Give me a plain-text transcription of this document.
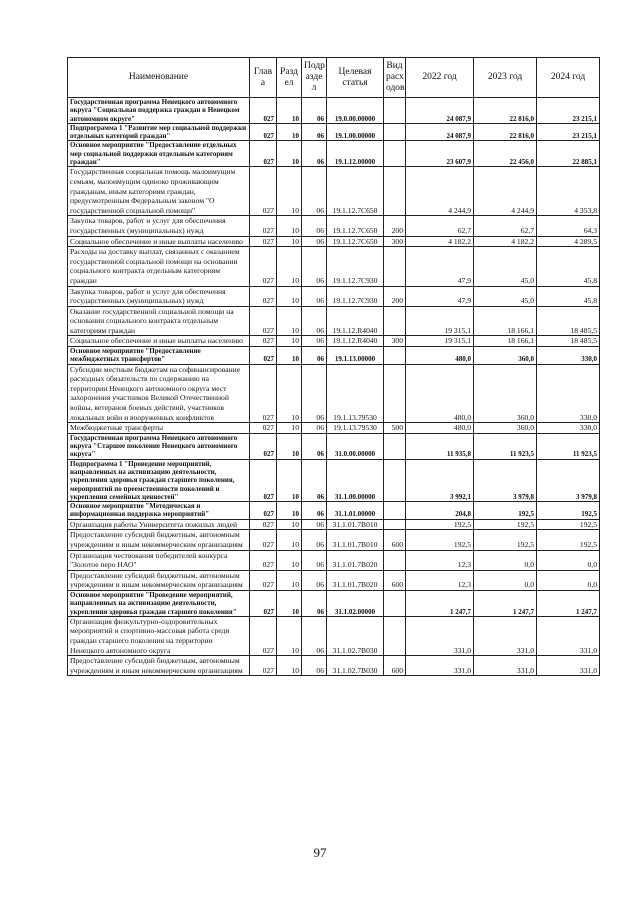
Наименование	Глав а	Разд ел	Подр азде л	Целевая статья	Вид расх одов	2022 год	2023 год	2024 год
Государственная программа Ненецкого автономного округа "Социальная поддержка граждан в Ненецком автономном округе"	027	10	06	19.0.00.00000		24 087,9	22 816,0	23 215,1
Подпрограмма 1 "Развитие мер социальной поддержки отдельных категорий граждан"	027	10	06	19.1.00.00000		24 087,9	22 816,0	23 215,1
Основное мероприятие "Предоставление отдельных мер социальной поддержки отдельным категориям граждан"	027	10	06	19.1.12.00000		23 607,9	22 456,0	22 885,1
Государственная социальная помощь малоимущим семьям, малоимущим одиноко проживающим гражданам, иным категориям граждан, предусмотренным Федеральным законом "О государственной социальной помощи"	027	10	06	19.1.12.7С650		4 244,9	4 244,9	4 353,8
Закупка товаров, работ и услуг для обеспечения государственных (муниципальных) нужд	027	10	06	19.1.12.7С650	200	62,7	62,7	64,3
Социальное обеспечение и иные выплаты населению	027	10	06	19.1.12.7С650	300	4 182,2	4 182,2	4 289,5
Расходы на доставку выплат, связанных с оказанием государственной социальной помощи на основании социального контракта отдельным категориям граждан	027	10	06	19.1.12.7С930		47,9	45,0	45,8
Закупка товаров, работ и услуг для обеспечения государственных (муниципальных) нужд	027	10	06	19.1.12.7С930	200	47,9	45,0	45,8
Оказание государственной социальной помощи на основании социального контракта отдельным категориям граждан	027	10	06	19.1.12.R4040		19 315,1	18 166,1	18 485,5
Социальное обеспечение и иные выплаты населению	027	10	06	19.1.12.R4040	300	19 315,1	18 166,1	18 485,5
Основное мероприятие "Предоставление межбюджетных трансфертов"	027	10	06	19.1.13.00000		480,0	360,0	330,0
Субсидии местным бюджетам на софинансирование расходных обязательств по содержанию на территории Ненецкого автономного округа мест захоронения участников Великой Отечественной войны, ветеранов боевых действий, участников локальных войн и вооруженных конфликтов	027	10	06	19.1.13.79530		480,0	360,0	330,0
Межбюджетные трансферты	027	10	06	19.1.13.79530	500	480,0	360,0	330,0
Государственная программа Ненецкого автономного округа "Старшее поколение Ненецкого автономного округа"	027	10	06	31.0.00.00000		11 935,8	11 923,5	11 923,5
Подпрограмма 1 "Проведение мероприятий, направленных на активизацию деятельности, укрепления здоровья граждан старшего поколения, мероприятий по преемственности поколений и укрепления семейных ценностей"	027	10	06	31.1.00.00000		3 992,1	3 979,8	3 979,8
Основное мероприятие "Методическая и информационная поддержка мероприятий"	027	10	06	31.1.01.00000		204,8	192,5	192,5
Организация работы Университета пожилых людей	027	10	06	31.1.01.7В010		192,5	192,5	192,5
Предоставление субсидий бюджетным, автономным учреждениям и иным некоммерческим организациям	027	10	06	31.1.01.7В010	600	192,5	192,5	192,5
Организация чествования победителей конкурса "Золотое перо НАО"	027	10	06	31.1.01.7В020		12,3	0,0	0,0
Предоставление субсидий бюджетным, автономным учреждениям и иным некоммерческим организациям	027	10	06	31.1.01.7В020	600	12,3	0,0	0,0
Основное мероприятие "Проведение мероприятий, направленных на активизацию деятельности, укрепления здоровья граждан старшего поколения"	027	10	06	31.1.02.00000		1 247,7	1 247,7	1 247,7
Организация физкультурно-оздоровительных мероприятий и спортивно-массовая работа среди граждан старшего поколения на территории Ненецкого автономного округа	027	10	06	31.1.02.7В030		331,0	331,0	331,0
Предоставление субсидий бюджетным, автономным учреждениям и иным некоммерческим организациям	027	10	06	31.1.02.7В030	600	331,0	331,0	331,0
97
